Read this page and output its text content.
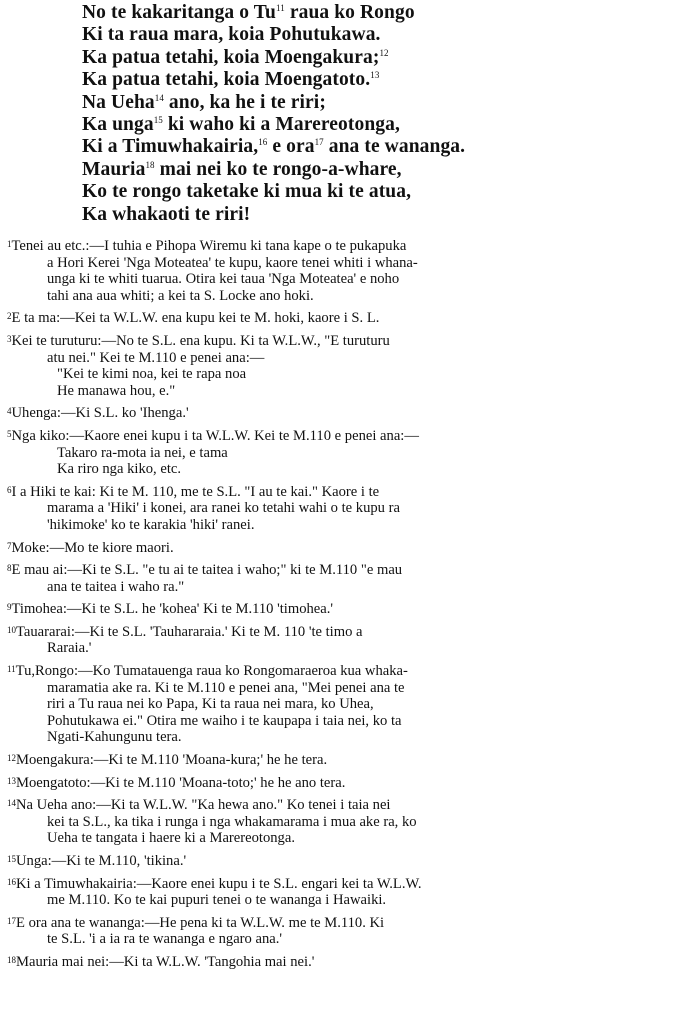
No te kakaritanga o Tu$^{11}$ raua ko Rongo
Ki ta raua mara, koia Pohutukawa.
Ka patua tetahi, koia Moengakura;$^{12}$
Ka patua tetahi, koia Moengatoto.$^{13}$
Na Ueha$^{14}$ ano, ka he i te riri;
Ka unga$^{15}$ ki waho ki a Marereotonga,
Ki a Timuwhakairia,$^{16}$ e ora$^{17}$ ana te wananga.
Mauria$^{18}$ mai nei ko te rongo-a-whare,
Ko te rongo taketake ki mua ki te atua,
Ka whakaoti te riri!
$^1$Tenei au etc.:—I tuhia e Pihopa Wiremu ki tana kape o te pukapuka
a Hori Kerei 'Nga Moteatea' te kupu, kaore tenei whiti i whana-
unga ki te whiti tuarua. Otira kei taua 'Nga Moteatea' e noho
tahi ana aua whiti; a kei ta S. Locke ano hoki.
$^2$E ta ma:—Kei ta W.L.W. ena kupu kei te M. hoki, kaore i S. L.
$^3$Kei te turuturu:—No te S.L. ena kupu. Ki ta W.L.W., "E turuturu
atu nei." Kei te M.110 e penei ana:—
"Kei te kimi noa, kei te rapa noa
He manawa hou, e."
$^4$Uhenga:—Ki S.L. ko 'Ihenga.'
$^5$Nga kiko:—Kaore enei kupu i ta W.L.W. Kei te M.110 e penei ana:—
Takaro ra-mota ia nei, e tama
Ka riro nga kiko, etc.
$^6$I a Hiki te kai: Ki te M. 110, me te S.L. "I au te kai." Kaore i te
marama a 'Hiki' i konei, ara ranei ko tetahi wahi o te kupu ra
'hikimoke' ko te karakia 'hiki' ranei.
$^7$Moke:—Mo te kiore maori.
$^8$E mau ai:—Ki te S.L. "e tu ai te taitea i waho;" ki te M.110 "e mau
ana te taitea i waho ra."
$^9$Timohea:—Ki te S.L. he 'kohea' Ki te M.110 'timohea.'
$^{10}$Tauararai:—Ki te S.L. 'Tauhararaia.' Ki te M. 110 'te timo a
Raraia.'
$^{11}$Tu,Rongo:—Ko Tumatauenga raua ko Rongomaraeroa kua whaka-
maramatia ake ra. Ki te M.110 e penei ana, "Mei penei ana te
riri a Tu raua nei ko Papa, Ki ta raua nei mara, ko Uhea,
Pohutukawa ei." Otira me waiho i te kaupapa i taia nei, ko ta
Ngati-Kahungunu tera.
$^{12}$Moengakura:—Ki te M.110 'Moana-kura;' he he tera.
$^{13}$Moengatoto:—Ki te M.110 'Moana-toto;' he he ano tera.
$^{14}$Na Ueha ano:—Ki ta W.L.W. "Ka hewa ano." Ko tenei i taia nei
kei ta S.L., ka tika i runga i nga whakamarama i mua ake ra, ko
Ueha te tangata i haere ki a Marereotonga.
$^{15}$Unga:—Ki te M.110, 'tikina.'
$^{16}$Ki a Timuwhakairia:—Kaore enei kupu i te S.L. engari kei ta W.L.W.
me M.110. Ko te kai pupuri tenei o te wananga i Hawaiki.
$^{17}$E ora ana te wananga:—He pena ki ta W.L.W. me te M.110. Ki
te S.L. 'i a ia ra te wananga e ngaro ana.'
$^{18}$Mauria mai nei:—Ki ta W.L.W. 'Tangohia mai nei.'
